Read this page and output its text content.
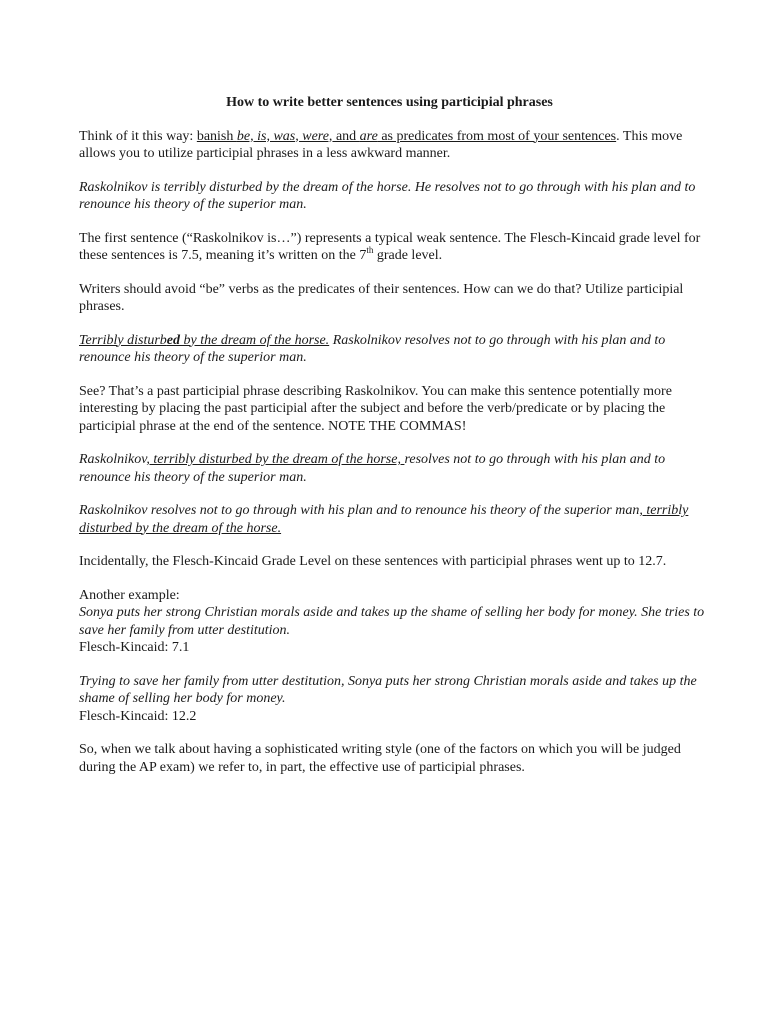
How to write better sentences using participial phrases

Think of it this way: banish be, is, was, were, and are as predicates from most of your sentences. This move allows you to utilize participial phrases in a less awkward manner.

Raskolnikov is terribly disturbed by the dream of the horse. He resolves not to go through with his plan and to renounce his theory of the superior man.

The first sentence (“Raskolnikov is…”) represents a typical weak sentence. The Flesch-Kincaid grade level for these sentences is 7.5, meaning it’s written on the 7th grade level.

Writers should avoid “be” verbs as the predicates of their sentences. How can we do that? Utilize participial phrases.

Terribly disturbed by the dream of the horse. Raskolnikov resolves not to go through with his plan and to renounce his theory of the superior man.

See? That’s a past participial phrase describing Raskolnikov. You can make this sentence potentially more interesting by placing the past participial after the subject and before the verb/predicate or by placing the participial phrase at the end of the sentence. NOTE THE COMMAS!

Raskolnikov, terribly disturbed by the dream of the horse, resolves not to go through with his plan and to renounce his theory of the superior man.

Raskolnikov resolves not to go through with his plan and to renounce his theory of the superior man, terribly disturbed by the dream of the horse.

Incidentally, the Flesch-Kincaid Grade Level on these sentences with participial phrases went up to 12.7.

Another example:
Sonya puts her strong Christian morals aside and takes up the shame of selling her body for money. She tries to save her family from utter destitution.
Flesch-Kincaid: 7.1

Trying to save her family from utter destitution, Sonya puts her strong Christian morals aside and takes up the shame of selling her body for money.
Flesch-Kincaid: 12.2

So, when we talk about having a sophisticated writing style (one of the factors on which you will be judged during the AP exam) we refer to, in part, the effective use of participial phrases.
